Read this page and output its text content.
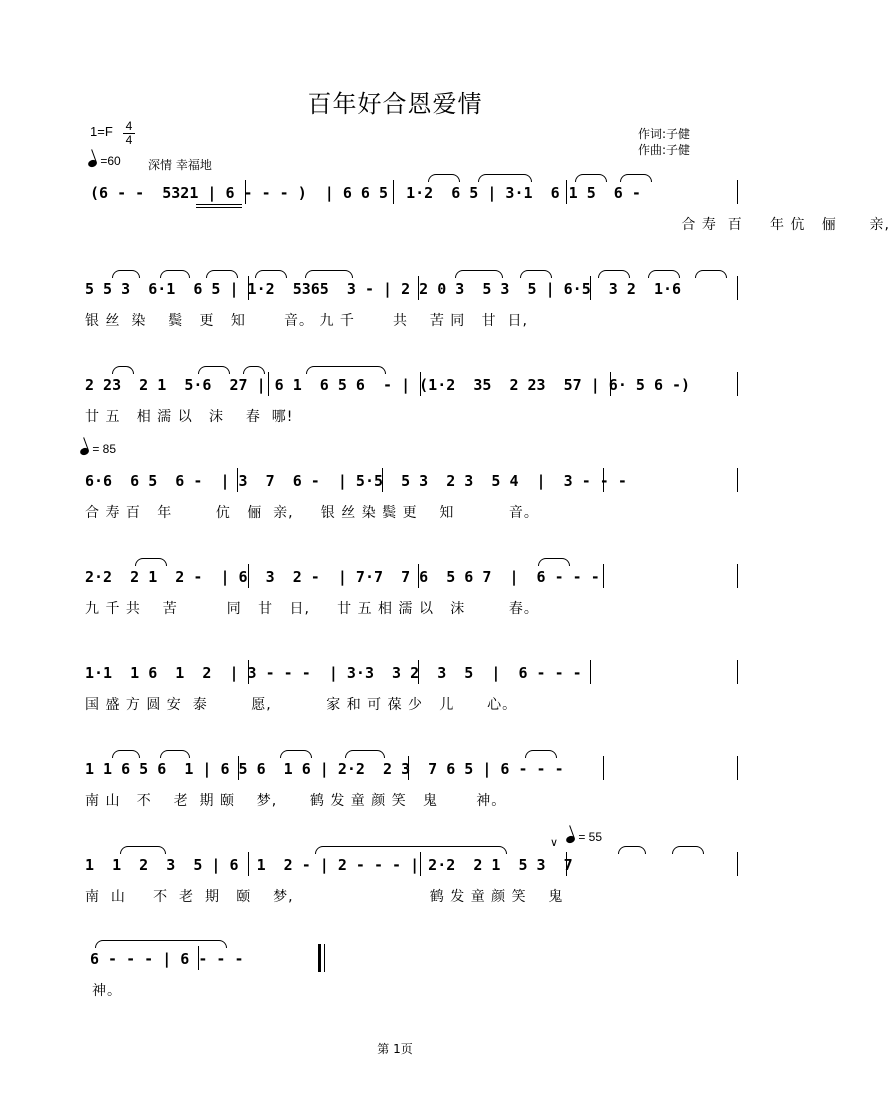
百年好合恩爱情
1=F 4
4
=60 深情 幸福地
作词:子健
作曲:子健
(6 - -  5321 | 6 - - - )  | 6 6 5  1·2  6 5 | 3·1  6 1 5  6 -
合 寿  百     年 伉   俪      亲,
5 5 3  6·1  6 5 | 1·2  5365  3 - | 2 2 0 3  5 3  5 | 6·5  3 2  1·6
银 丝  染    鬓   更   知       音。 九 千       共    苦 同   甘  日,
2 23  2 1  5·6  27 | 6 1  6 5 6  - | (1·2  35  2 23  57 | 6· 5 6 -)
廿 五   相 濡 以   沫    春  哪!
= 85
6·6  6 5  6 -  | 3  7  6 -  | 5·5  5 3  2 3  5 4  |  3 - - -
合 寿 百   年        伉   俪  亲,     银 丝 染 鬓 更    知          音。
2·2  2 1  2 -  | 6  3  2 -  | 7·7  7 6  5 6 7  |  6 - - -
九 千 共    苦         同   甘   日,     廿 五 相 濡 以   沫        春。
1·1  1 6  1  2  | 3 - - -  | 3·3  3 2  3  5  |  6 - - -
国 盛 方 圆 安  泰        愿,          家 和 可 葆 少   儿      心。
1 1 6 5 6  1 | 6 5 6  1 6 | 2·2  2 3  7 6 5 | 6 - - -
南 山   不    老  期 颐    梦,      鹤 发 童 颜 笑   鬼       神。
∨	= 55
1  1  2  3  5 | 6  1  2 - | 2 - - - | 2·2  2 1  5 3  7
南  山     不  老  期   颐    梦,                         鹤 发 童 颜 笑    鬼
6 - - - | 6 - - -
神。
第 1页
